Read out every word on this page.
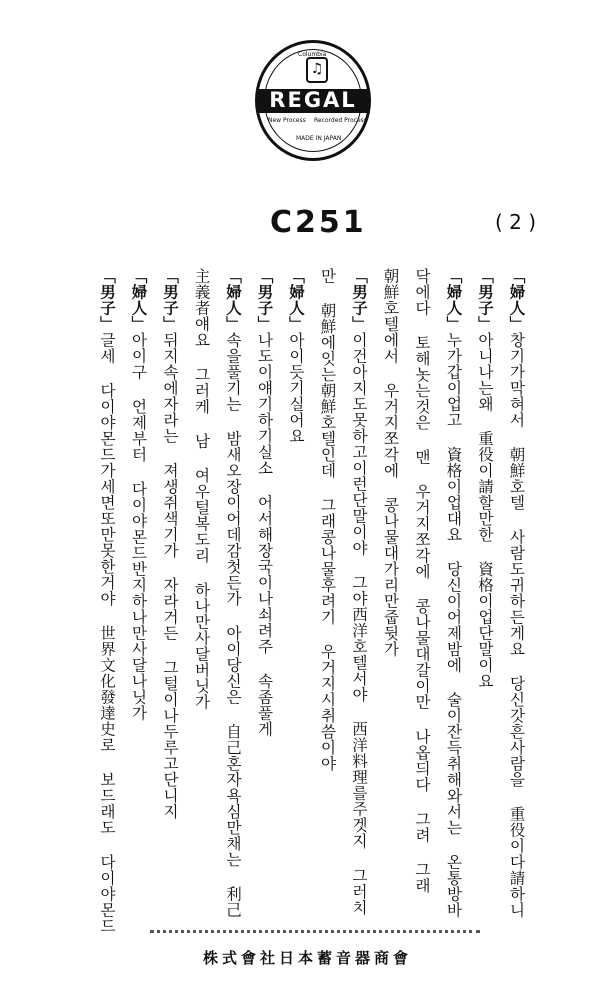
♫
Columbia
REGAL
New Process Recorded Process
MADE IN JAPAN
C251	( 2 )
「婦人」창기가막혀서 朝鮮호텔 사람도귀하든게요 당신갓흔사람을 重役이다請하니
「男子」아니나는왜 重役이請할만한 資格이업단말이요
「婦人」누가갑이업고 資格이업대요 당신이어제밤에 술이잔득취해와서는 온통방바
닥에다 토해놋는것은 맨 우거지쪼각에 콩나물대갈이만 나옵듸다 그려 그래
朝鮮호텔에서 우거지쪼각에 콩나물대가리만줍뒷가
「男子」이건아지도못하고이런단말이야 그야西洋호텔서야 西洋料理를주겟지 그러치
만 朝鮮에잇는朝鮮호텔인데 그래콩나물후려기 우거지시취씀이야
「婦人」아이듯기실어요
「男子」나도이얘기하기실소 어서해장국이나쇠려주 속좀풀게
「婦人」속을풀기는 밤새오장이어데감첫든가 아이당신은 自己혼자욕심만채는 利己
主義者얘요 그러케 남 여우털복도리 하나만사달버닛가
「男子」뒤지속에자라는 져생쥐색기가 자라거든 그털이나두루고단니지
「婦人」아이구 언제부터 다이야몬드반지하나만사달나닛가
「男子」글세 다이야몬드가세면또만못한거야 世界文化發達史로 보드래도 다이야몬드
株式會社日本蓄音器商會
